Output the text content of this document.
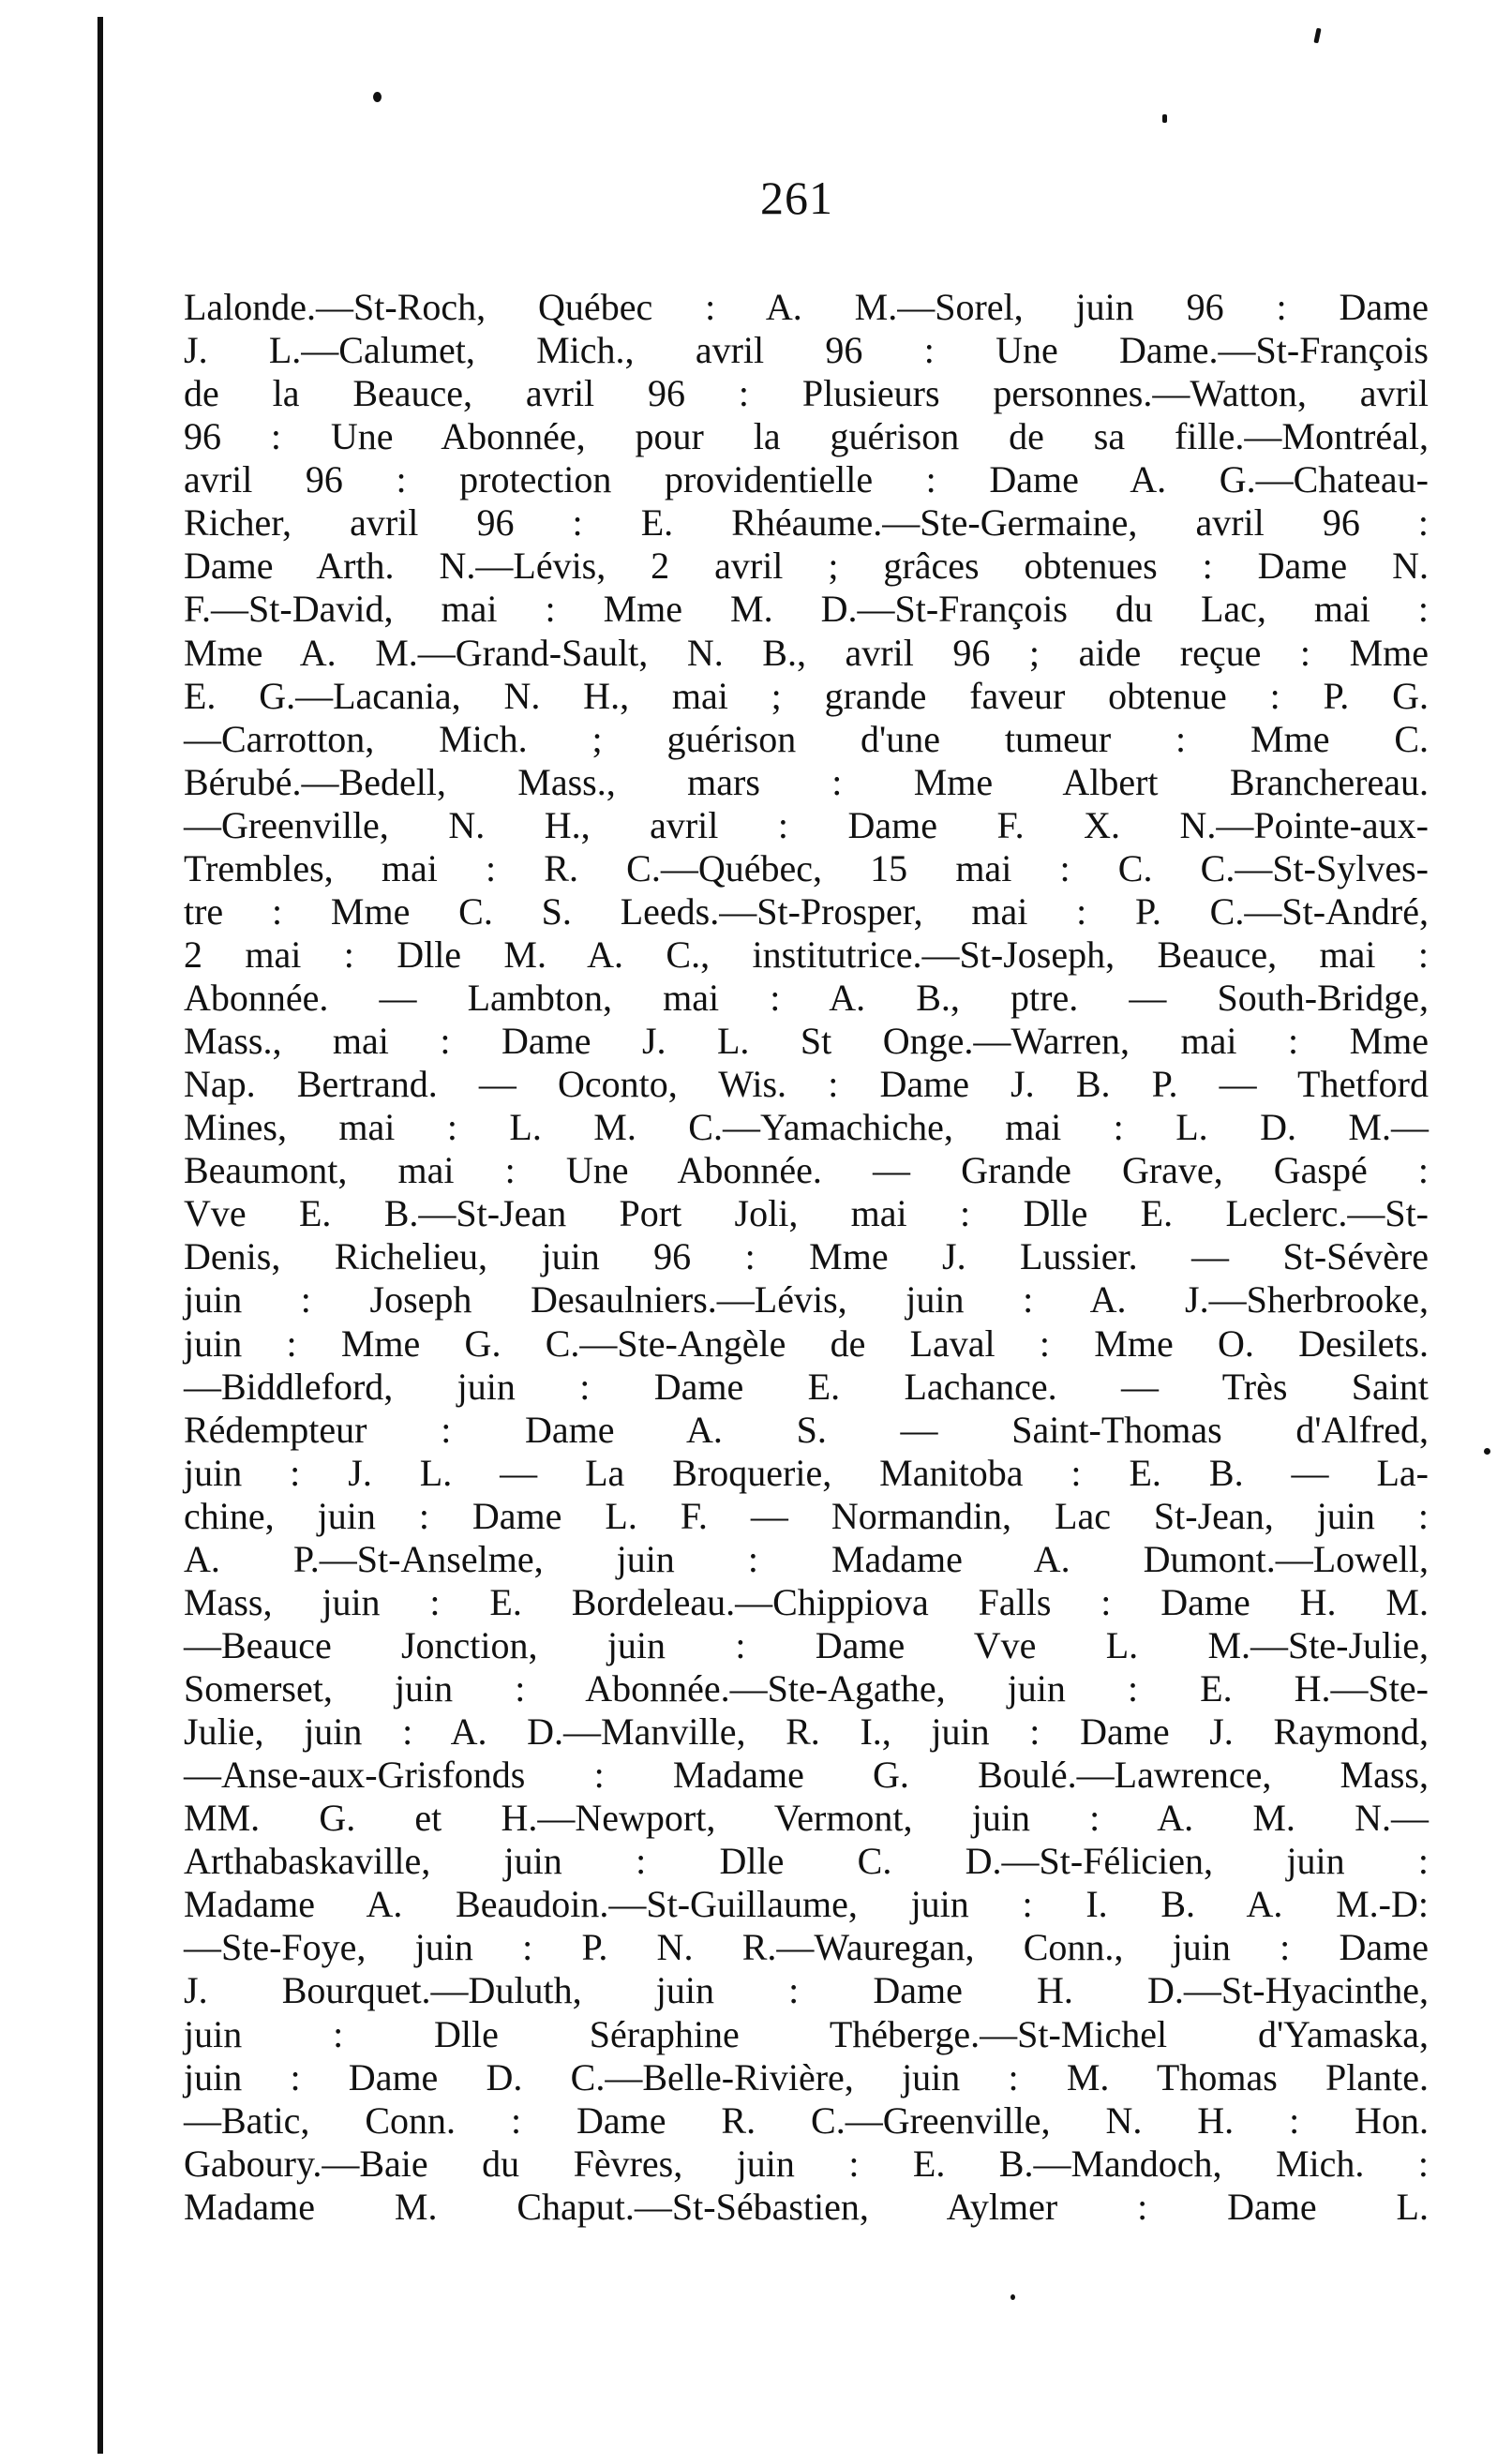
261
Lalonde.—St-Roch, Québec : A. M.—Sorel, juin 96 : Dame
J. L.—Calumet, Mich., avril 96 : Une Dame.—St-François
de la Beauce, avril 96 : Plusieurs personnes.—Watton, avril
96 : Une Abonnée, pour la guérison de sa fille.—Montréal,
avril 96 : protection providentielle : Dame A. G.—Chateau-
Richer, avril 96 : E. Rhéaume.—Ste-Germaine, avril 96 :
Dame Arth. N.—Lévis, 2 avril ; grâces obtenues : Dame N.
F.—St-David, mai : Mme M. D.—St-François du Lac, mai :
Mme A. M.—Grand-Sault, N. B., avril 96 ; aide reçue : Mme
E. G.—Lacania, N. H., mai ; grande faveur obtenue : P. G.
—Carrotton, Mich. ; guérison d'une tumeur : Mme C.
Bérubé.—Bedell, Mass., mars : Mme Albert Branchereau.
—Greenville, N. H., avril : Dame F. X. N.—Pointe-aux-
Trembles, mai : R. C.—Québec, 15 mai : C. C.—St-Sylves-
tre : Mme C. S. Leeds.—St-Prosper, mai : P. C.—St-André,
2 mai : Dlle M. A. C., institutrice.—St-Joseph, Beauce, mai :
Abonnée. — Lambton, mai : A. B., ptre. — South-Bridge,
Mass., mai : Dame J. L. St Onge.—Warren, mai : Mme
Nap. Bertrand. — Oconto, Wis. : Dame J. B. P. — Thetford
Mines, mai : L. M. C.—Yamachiche, mai : L. D. M.—
Beaumont, mai : Une Abonnée. — Grande Grave, Gaspé :
Vve E. B.—St-Jean Port Joli, mai : Dlle E. Leclerc.—St-
Denis, Richelieu, juin 96 : Mme J. Lussier. — St-Sévère
juin : Joseph Desaulniers.—Lévis, juin : A. J.—Sherbrooke,
juin : Mme G. C.—Ste-Angèle de Laval : Mme O. Desilets.
—Biddleford, juin : Dame E. Lachance. — Très Saint
Rédempteur : Dame A. S. — Saint-Thomas d'Alfred,
juin : J. L. — La Broquerie, Manitoba : E. B. — La-
chine, juin : Dame L. F. — Normandin, Lac St-Jean, juin :
A. P.—St-Anselme, juin : Madame A. Dumont.—Lowell,
Mass, juin : E. Bordeleau.—Chippiova Falls : Dame H. M.
—Beauce Jonction, juin : Dame Vve L. M.—Ste-Julie,
Somerset, juin : Abonnée.—Ste-Agathe, juin : E. H.—Ste-
Julie, juin : A. D.—Manville, R. I., juin : Dame J. Raymond,
—Anse-aux-Grisfonds : Madame G. Boulé.—Lawrence, Mass,
MM. G. et H.—Newport, Vermont, juin : A. M. N.—
Arthabaskaville, juin : Dlle C. D.—St-Félicien, juin :
Madame A. Beaudoin.—St-Guillaume, juin : I. B. A. M.-D:
—Ste-Foye, juin : P. N. R.—Wauregan, Conn., juin : Dame
J. Bourquet.—Duluth, juin : Dame H. D.—St-Hyacinthe,
juin : Dlle Séraphine Théberge.—St-Michel d'Yamaska,
juin : Dame D. C.—Belle-Rivière, juin : M. Thomas Plante.
—Batic, Conn. : Dame R. C.—Greenville, N. H. : Hon.
Gaboury.—Baie du Fèvres, juin : E. B.—Mandoch, Mich. :
Madame M. Chaput.—St-Sébastien, Aylmer : Dame L.
